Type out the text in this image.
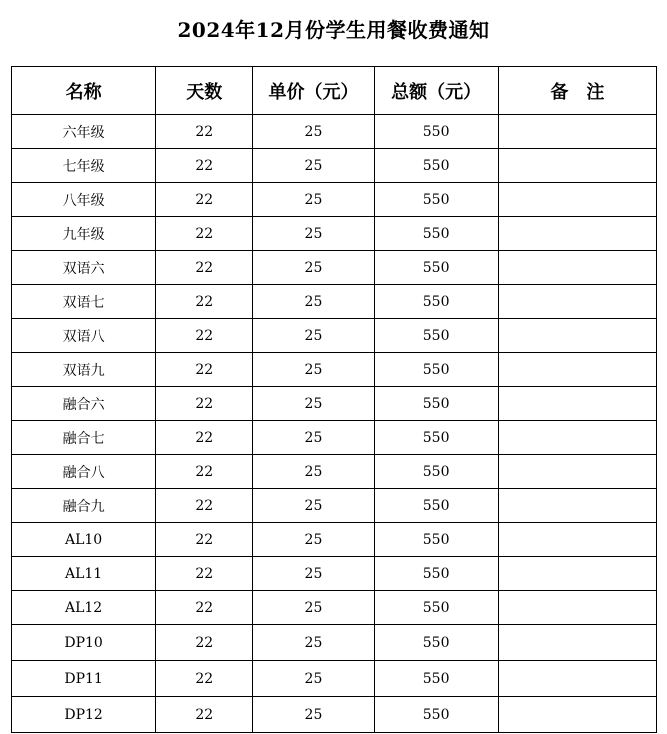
2024年12月份学生用餐收费通知
名称	天数	单价（元）	总额（元）	备　注
六年级	22	25	550	
七年级	22	25	550	
八年级	22	25	550	
九年级	22	25	550	
双语六	22	25	550	
双语七	22	25	550	
双语八	22	25	550	
双语九	22	25	550	
融合六	22	25	550	
融合七	22	25	550	
融合八	22	25	550	
融合九	22	25	550	
AL10	22	25	550	
AL11	22	25	550	
AL12	22	25	550	
DP10	22	25	550	
DP11	22	25	550	
DP12	22	25	550	
